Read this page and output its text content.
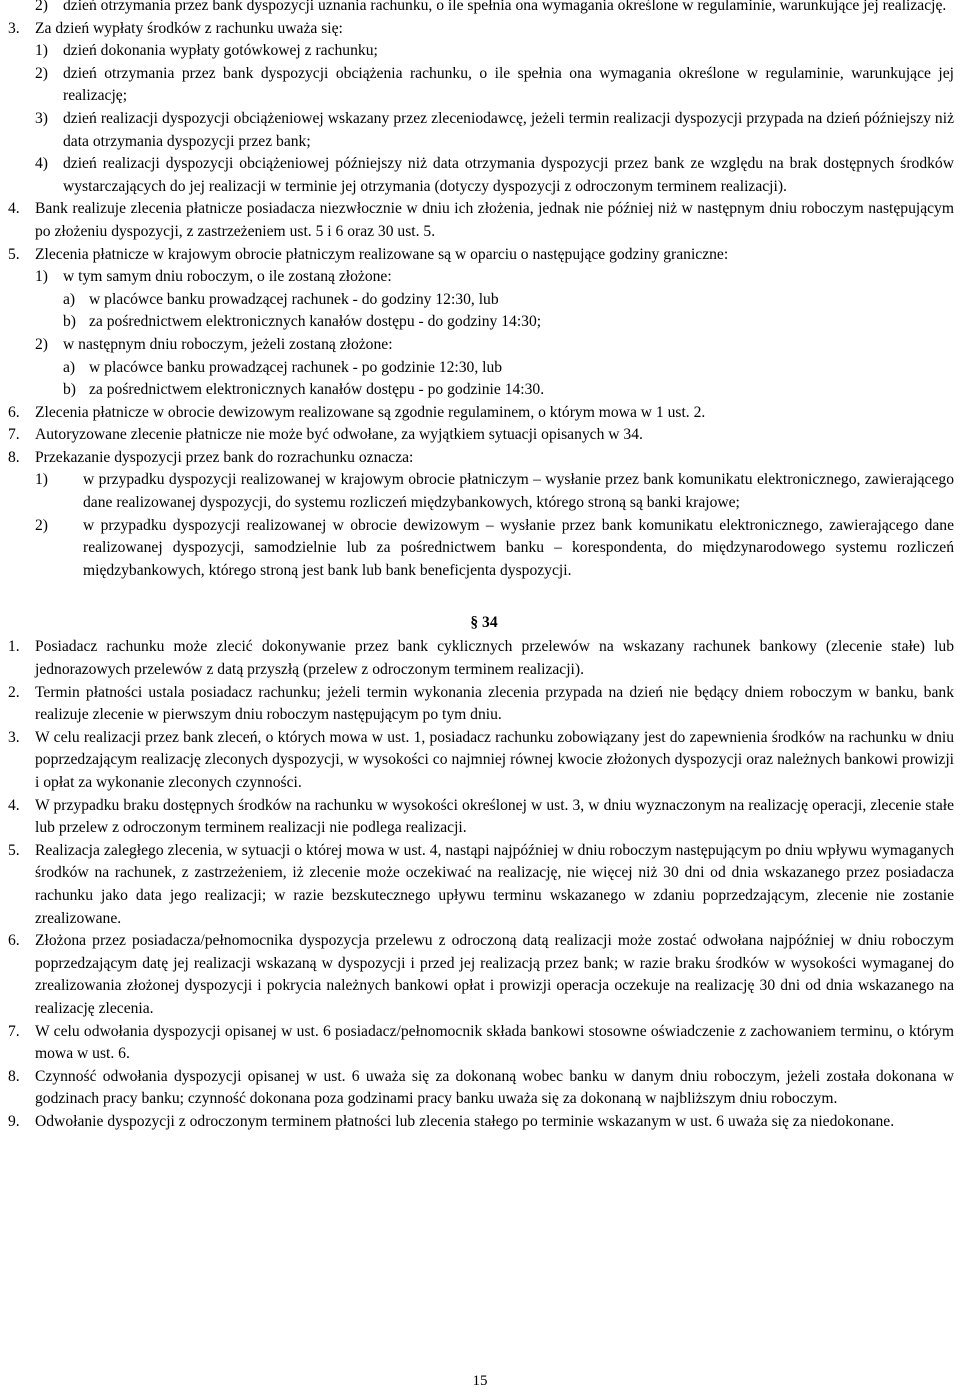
2) dzień otrzymania przez bank dyspozycji uznania rachunku, o ile spełnia ona wymagania określone w regulaminie, warunkujące jej realizację.
3. Za dzień wypłaty środków z rachunku uważa się:
1) dzień dokonania wypłaty gotówkowej z rachunku;
2) dzień otrzymania przez bank dyspozycji obciążenia rachunku, o ile spełnia ona wymagania określone w regulaminie, warunkujące jej realizację;
3) dzień realizacji dyspozycji obciążeniowej wskazany przez zleceniodawcę, jeżeli termin realizacji dyspozycji przypada na dzień późniejszy niż data otrzymania dyspozycji przez bank;
4) dzień realizacji dyspozycji obciążeniowej późniejszy niż data otrzymania dyspozycji przez bank ze względu na brak dostępnych środków wystarczających do jej realizacji w terminie jej otrzymania (dotyczy dyspozycji z odroczonym terminem realizacji).
4. Bank realizuje zlecenia płatnicze posiadacza niezwłocznie w dniu ich złożenia, jednak nie później niż w następnym dniu roboczym następującym po złożeniu dyspozycji, z zastrzeżeniem ust. 5 i 6 oraz 30 ust. 5.
5. Zlecenia płatnicze w krajowym obrocie płatniczym realizowane są w oparciu o następujące godziny graniczne:
1) w tym samym dniu roboczym, o ile zostaną złożone:
a) w placówce banku prowadzącej rachunek - do godziny 12:30, lub
b) za pośrednictwem elektronicznych kanałów dostępu - do godziny 14:30;
2) w następnym dniu roboczym, jeżeli zostaną złożone:
a) w placówce banku prowadzącej rachunek - po godzinie 12:30, lub
b) za pośrednictwem elektronicznych kanałów dostępu - po godzinie 14:30.
6. Zlecenia płatnicze w obrocie dewizowym realizowane są zgodnie regulaminem, o którym mowa w 1 ust. 2.
7. Autoryzowane zlecenie płatnicze nie może być odwołane, za wyjątkiem sytuacji opisanych w 34.
8. Przekazanie dyspozycji przez bank do rozrachunku oznacza:
1)	w przypadku dyspozycji realizowanej w krajowym obrocie płatniczym – wysłanie przez bank komunikatu elektronicznego, zawierającego dane realizowanej dyspozycji, do systemu rozliczeń międzybankowych, którego stroną są banki krajowe;
2)	w przypadku dyspozycji realizowanej w obrocie dewizowym – wysłanie przez bank komunikatu elektronicznego, zawierającego dane realizowanej dyspozycji, samodzielnie lub za pośrednictwem banku – korespondenta, do międzynarodowego systemu rozliczeń międzybankowych, którego stroną jest bank lub bank beneficjenta dyspozycji.
§ 34
1. Posiadacz rachunku może zlecić dokonywanie przez bank cyklicznych przelewów na wskazany rachunek bankowy (zlecenie stałe) lub jednorazowych przelewów z datą przyszłą (przelew z odroczonym terminem realizacji).
2. Termin płatności ustala posiadacz rachunku; jeżeli termin wykonania zlecenia przypada na dzień nie będący dniem roboczym w banku, bank realizuje zlecenie w pierwszym dniu roboczym następującym po tym dniu.
3. W celu realizacji przez bank zleceń, o których mowa w ust. 1, posiadacz rachunku zobowiązany jest do zapewnienia środków na rachunku w dniu poprzedzającym realizację zleconych dyspozycji, w wysokości co najmniej równej kwocie złożonych dyspozycji oraz należnych bankowi prowizji i opłat za wykonanie zleconych czynności.
4. W przypadku braku dostępnych środków na rachunku w wysokości określonej w ust. 3, w dniu wyznaczonym na realizację operacji, zlecenie stałe lub przelew z odroczonym terminem realizacji nie podlega realizacji.
5. Realizacja zaległego zlecenia, w sytuacji o której mowa w ust. 4, nastąpi najpóźniej w dniu roboczym następującym po dniu wpływu wymaganych środków na rachunek, z zastrzeżeniem, iż zlecenie może oczekiwać na realizację, nie więcej niż 30 dni od dnia wskazanego przez posiadacza rachunku jako data jego realizacji; w razie bezskutecznego upływu terminu wskazanego w zdaniu poprzedzającym, zlecenie nie zostanie zrealizowane.
6. Złożona przez posiadacza/pełnomocnika dyspozycja przelewu z odroczoną datą realizacji może zostać odwołana najpóźniej w dniu roboczym poprzedzającym datę jej realizacji wskazaną w dyspozycji i przed jej realizacją przez bank; w razie braku środków w wysokości wymaganej do zrealizowania złożonej dyspozycji i pokrycia należnych bankowi opłat i prowizji operacja oczekuje na realizację 30 dni od dnia wskazanego na realizację zlecenia.
7. W celu odwołania dyspozycji opisanej w ust. 6 posiadacz/pełnomocnik składa bankowi stosowne oświadczenie z zachowaniem terminu, o którym mowa w ust. 6.
8. Czynność odwołania dyspozycji opisanej w ust. 6 uważa się za dokonaną wobec banku w danym dniu roboczym, jeżeli została dokonana w godzinach pracy banku; czynność dokonana poza godzinami pracy banku uważa się za dokonaną w najbliższym dniu roboczym.
9. Odwołanie dyspozycji z odroczonym terminem płatności lub zlecenia stałego po terminie wskazanym w ust. 6 uważa się za niedokonane.
15
